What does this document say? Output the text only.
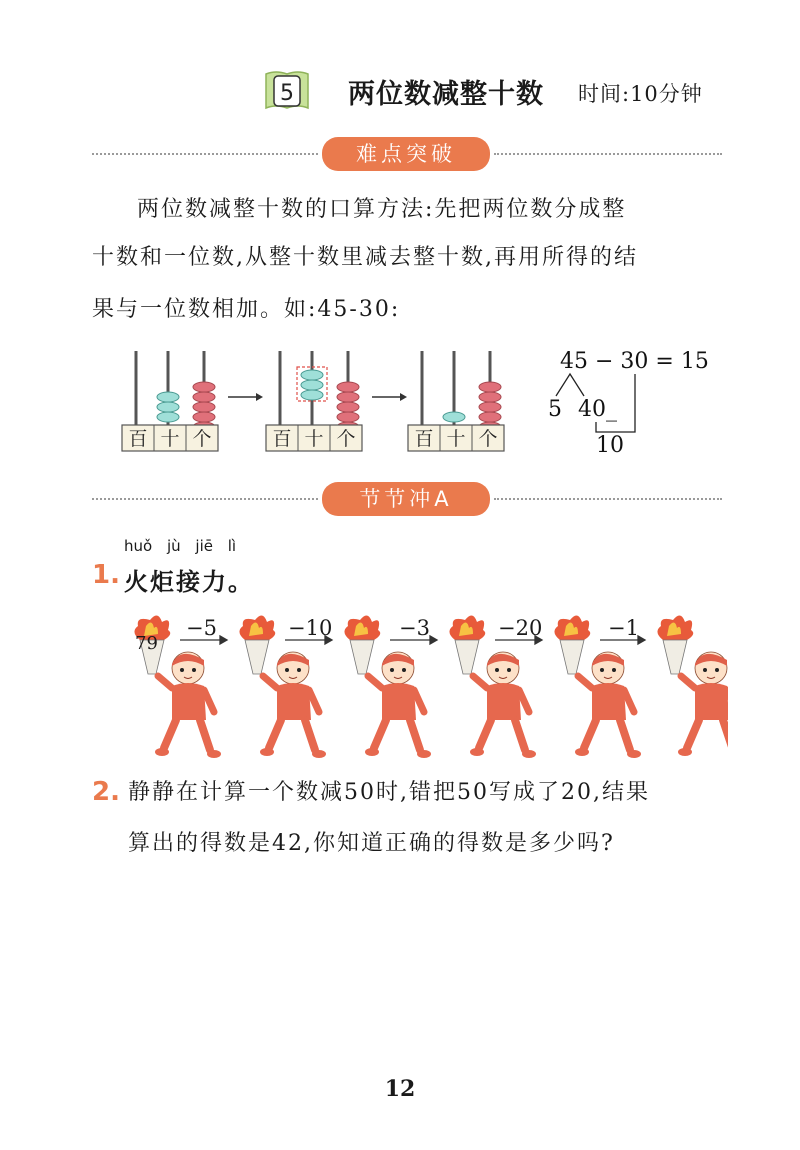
5 两位数减整十数 时间:10分钟
难点突破
两位数减整十数的口算方法:先把两位数分成整
十数和一位数,从整十数里减去整十数,再用所得的结
果与一位数相加。如:45-30:
百 十 个	百 十 个	百 十 个
45 − 30 = 15
5 40_
10
节节冲A
huǒ jù jiē lì
1. 火炬接力。
79
−5	−10	−3	−20	−1
2. 静静在计算一个数减50时,错把50写成了20,结果
算出的得数是42,你知道正确的得数是多少吗?
12
